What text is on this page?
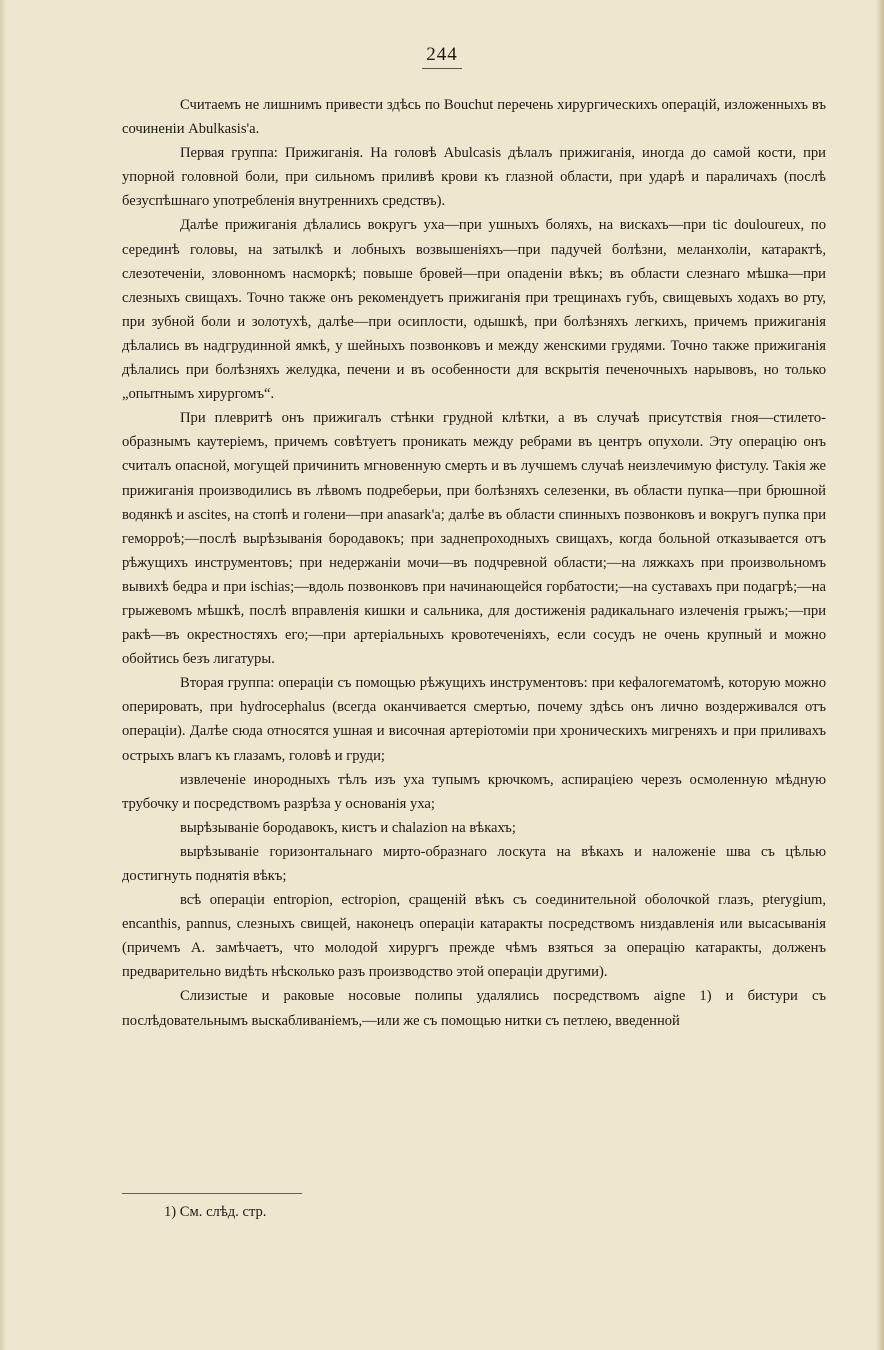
244

Считаемъ не лишнимъ привести здѣсь по Bouchut перечень хирургическихъ операцій, изложенныхъ въ сочиненіи Abulkasis'a.

Первая группа: Прижиганія. На головѣ Abulcasis дѣлалъ прижиганія, иногда до самой кости, при упорной головной боли, при сильномъ приливѣ крови къ глазной области, при ударѣ и параличахъ (послѣ безуспѣшнаго употребленія внутреннихъ средствъ).

Далѣе прижиганія дѣлались вокругъ уха—при ушныхъ боляхъ, на вискахъ—при tic douloureux, по серединѣ головы, на затылкѣ и лобныхъ возвышеніяхъ—при падучей болѣзни, меланхоліи, катарактѣ, слезотеченіи, зловонномъ насморкѣ; повыше бровей—при опаденіи вѣкъ; въ области слезнаго мѣшка—при слезныхъ свищахъ. Точно также онъ рекомендуетъ прижиганія при трещинахъ губъ, свищевыхъ ходахъ во рту, при зубной боли и золотухѣ, далѣе—при осиплости, одышкѣ, при болѣзняхъ легкихъ, причемъ прижиганія дѣлались въ надгрудинной ямкѣ, у шейныхъ позвонковъ и между женскими грудями. Точно также прижиганія дѣлались при болѣзняхъ желудка, печени и въ особенности для вскрытія печеночныхъ нарывовъ, но только „опытнымъ хирургомъ“.

При плевритѣ онъ прижигалъ стѣнки грудной клѣтки, а въ случаѣ присутствія гноя—стилето-образнымъ каутеріемъ, причемъ совѣтуетъ проникать между ребрами въ центръ опухоли. Эту операцію онъ считалъ опасной, могущей причинить мгновенную смерть и въ лучшемъ случаѣ неизлечимую фистулу. Такія же прижиганія производились въ лѣвомъ подреберьи, при болѣзняхъ селезенки, въ области пупка—при брюшной водянкѣ и ascites, на стопѣ и голени—при anasark'a; далѣе въ области спинныхъ позвонковъ и вокругъ пупка при геморроѣ;—послѣ вырѣзыванія бородавокъ; при заднепроходныхъ свищахъ, когда больной отказывается отъ рѣжущихъ инструментовъ; при недержаніи мочи—въ подчревной области;—на ляжкахъ при произвольномъ вывихѣ бедра и при ischias;—вдоль позвонковъ при начинающейся горбатости;—на суставахъ при подагрѣ;—на грыжевомъ мѣшкѣ, послѣ вправленія кишки и сальника, для достиженія радикальнаго излеченія грыжъ;—при ракѣ—въ окрестностяхъ его;—при артеріальныхъ кровотеченіяхъ, если сосудъ не очень крупный и можно обойтись безъ лигатуры.

Вторая группа: операціи съ помощью рѣжущихъ инструментовъ: при кефалогематомѣ, которую можно оперировать, при hydrocephalus (всегда оканчивается смертью, почему здѣсь онъ лично воздерживался отъ операціи). Далѣе сюда относятся ушная и височная артеріотоміи при хроническихъ мигреняхъ и при приливахъ острыхъ влагъ къ глазамъ, головѣ и груди;

извлеченіе инородныхъ тѣлъ изъ уха тупымъ крючкомъ, аспираціею черезъ осмоленную мѣдную трубочку и посредствомъ разрѣза у основанія уха;

вырѣзываніе бородавокъ, кистъ и chalazion на вѣкахъ;

вырѣзываніе горизонтальнаго мирто-образнаго лоскута на вѣкахъ и наложеніе шва съ цѣлью достигнуть поднятія вѣкъ;

всѣ операціи entropion, ectropion, сращеній вѣкъ съ соединительной оболочкой глазъ, pterygium, encanthis, pannus, слезныхъ свищей, наконецъ операціи катаракты посредствомъ низдавленія или высасыванія (причемъ А. замѣчаетъ, что молодой хирургъ прежде чѣмъ взяться за операцію катаракты, долженъ предварительно видѣть нѣсколько разъ производство этой операціи другими).

Слизистые и раковые носовые полипы удалялись посредствомъ aigne 1) и бистури съ послѣдовательнымъ выскабливаніемъ,—или же съ помощью нитки съ петлею, введенной

1) См. слѣд. стр.
